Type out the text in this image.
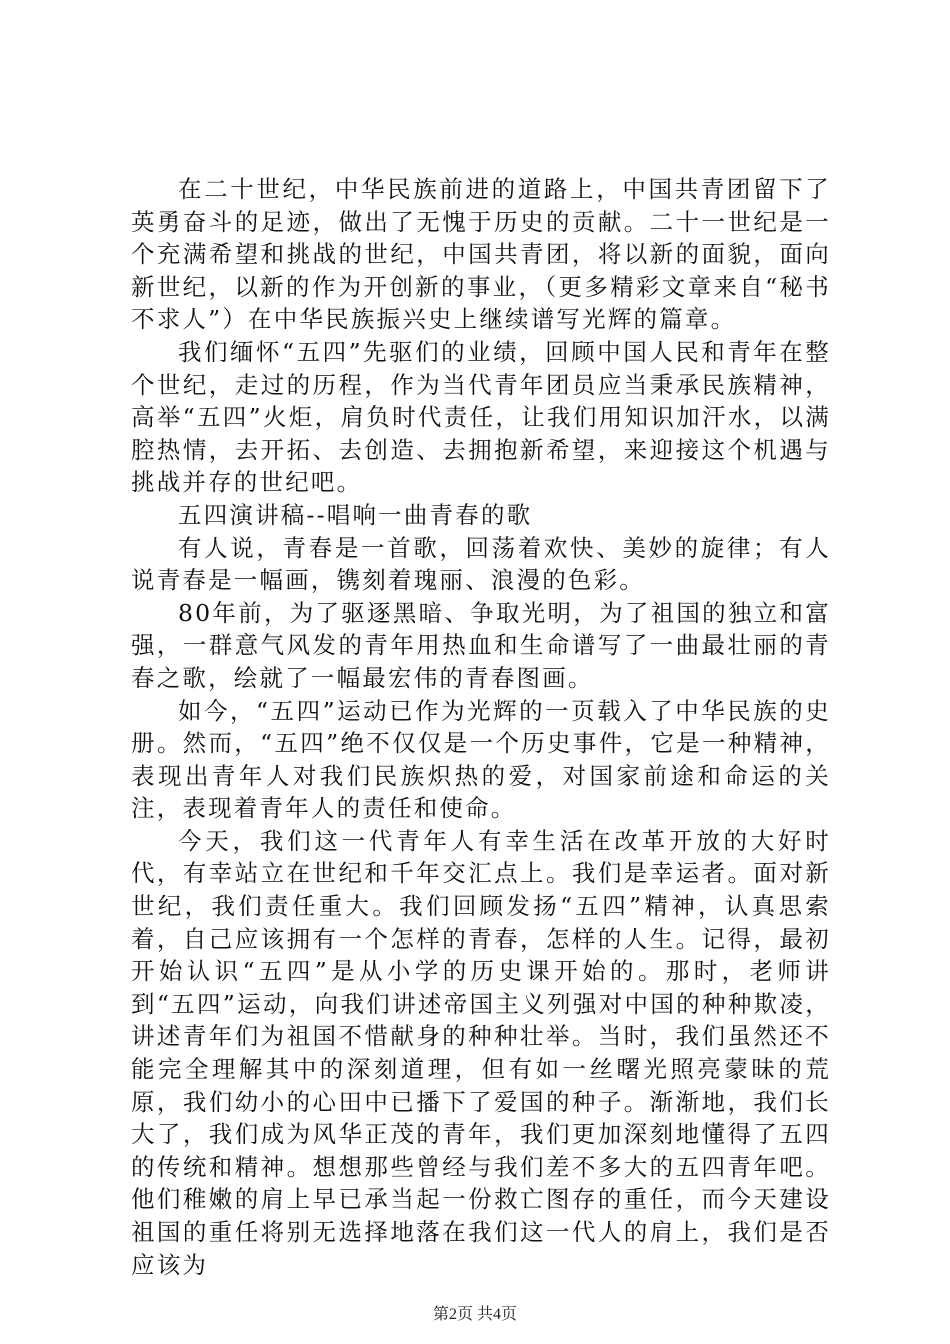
在二十世纪，中华民族前进的道路上，中国共青团留下了英勇奋斗的足迹，做出了无愧于历史的贡献。二十一世纪是一个充满希望和挑战的世纪，中国共青团，将以新的面貌，面向新世纪，以新的作为开创新的事业，（更多精彩文章来自“秘书不求人”）在中华民族振兴史上继续谱写光辉的篇章。

我们缅怀“五四”先驱们的业绩，回顾中国人民和青年在整个世纪，走过的历程，作为当代青年团员应当秉承民族精神，高举“五四”火炬，肩负时代责任，让我们用知识加汗水，以满腔热情，去开拓、去创造、去拥抱新希望，来迎接这个机遇与挑战并存的世纪吧。

五四演讲稿--唱响一曲青春的歌

有人说，青春是一首歌，回荡着欢快、美妙的旋律；有人说青春是一幅画，镌刻着瑰丽、浪漫的色彩。

80年前，为了驱逐黑暗、争取光明，为了祖国的独立和富强，一群意气风发的青年用热血和生命谱写了一曲最壮丽的青春之歌，绘就了一幅最宏伟的青春图画。

如今，“五四”运动已作为光辉的一页载入了中华民族的史册。然而，“五四”绝不仅仅是一个历史事件，它是一种精神，表现出青年人对我们民族炽热的爱，对国家前途和命运的关注，表现着青年人的责任和使命。

今天，我们这一代青年人有幸生活在改革开放的大好时代，有幸站立在世纪和千年交汇点上。我们是幸运者。面对新世纪，我们责任重大。我们回顾发扬“五四”精神，认真思索着，自己应该拥有一个怎样的青春，怎样的人生。记得，最初开始认识“五四”是从小学的历史课开始的。那时，老师讲到“五四”运动，向我们讲述帝国主义列强对中国的种种欺凌，讲述青年们为祖国不惜献身的种种壮举。当时，我们虽然还不能完全理解其中的深刻道理，但有如一丝曙光照亮蒙昧的荒原，我们幼小的心田中已播下了爱国的种子。渐渐地，我们长大了，我们成为风华正茂的青年，我们更加深刻地懂得了五四的传统和精神。想想那些曾经与我们差不多大的五四青年吧。他们稚嫩的肩上早已承当起一份救亡图存的重任，而今天建设祖国的重任将别无选择地落在我们这一代人的肩上，我们是否应该为

第2页 共4页
